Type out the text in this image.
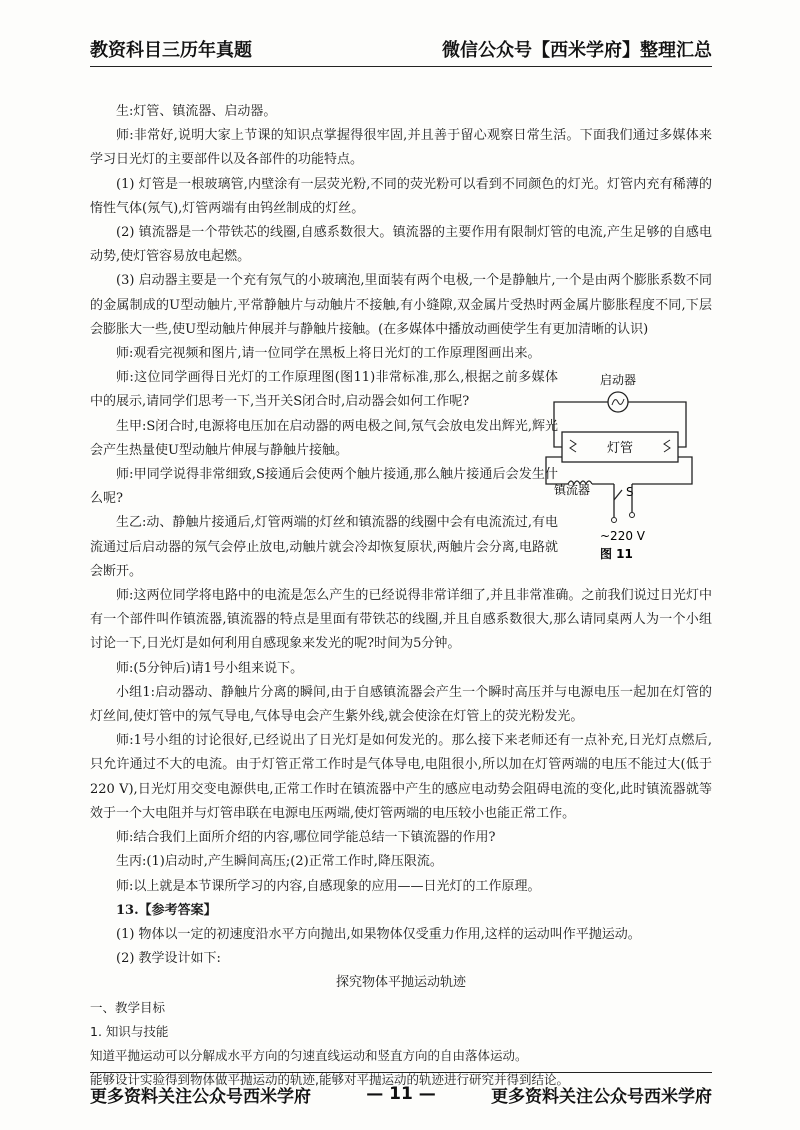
教资科目三历年真题	微信公众号【西米学府】整理汇总

生:灯管、镇流器、启动器。

师:非常好,说明大家上节课的知识点掌握得很牢固,并且善于留心观察日常生活。下面我们通过多媒体来学习日光灯的主要部件以及各部件的功能特点。

(1) 灯管是一根玻璃管,内壁涂有一层荧光粉,不同的荧光粉可以看到不同颜色的灯光。灯管内充有稀薄的惰性气体(氖气),灯管两端有由钨丝制成的灯丝。

(2) 镇流器是一个带铁芯的线圈,自感系数很大。镇流器的主要作用有限制灯管的电流,产生足够的自感电动势,使灯管容易放电起燃。

(3) 启动器主要是一个充有氖气的小玻璃泡,里面装有两个电极,一个是静触片,一个是由两个膨胀系数不同的金属制成的U型动触片,平常静触片与动触片不接触,有小缝隙,双金属片受热时两金属片膨胀程度不同,下层会膨胀大一些,使U型动触片伸展并与静触片接触。(在多媒体中播放动画使学生有更加清晰的认识)

师:观看完视频和图片,请一位同学在黑板上将日光灯的工作原理图画出来。

师:这位同学画得日光灯的工作原理图(图11)非常标准,那么,根据之前多媒体中的展示,请同学们思考一下,当开关S闭合时,启动器会如何工作呢?

生甲:S闭合时,电源将电压加在启动器的两电极之间,氖气会放电发出辉光,辉光会产生热量使U型动触片伸展与静触片接触。

师:甲同学说得非常细致,S接通后会使两个触片接通,那么触片接通后会发生什么呢?

生乙:动、静触片接通后,灯管两端的灯丝和镇流器的线圈中会有电流流过,有电流通过后启动器的氖气会停止放电,动触片就会冷却恢复原状,两触片会分离,电路就会断开。

师:这两位同学将电路中的电流是怎么产生的已经说得非常详细了,并且非常准确。之前我们说过日光灯中有一个部件叫作镇流器,镇流器的特点是里面有带铁芯的线圈,并且自感系数很大,那么请同桌两人为一个小组讨论一下,日光灯是如何利用自感现象来发光的呢?时间为5分钟。

师:(5分钟后)请1号小组来说下。

小组1:启动器动、静触片分离的瞬间,由于自感镇流器会产生一个瞬时高压并与电源电压一起加在灯管的灯丝间,使灯管中的氖气导电,气体导电会产生紫外线,就会使涂在灯管上的荧光粉发光。

师:1号小组的讨论很好,已经说出了日光灯是如何发光的。那么接下来老师还有一点补充,日光灯点燃后,只允许通过不大的电流。由于灯管正常工作时是气体导电,电阻很小,所以加在灯管两端的电压不能过大(低于220 V),日光灯用交变电源供电,正常工作时在镇流器中产生的感应电动势会阻碍电流的变化,此时镇流器就等效于一个大电阻并与灯管串联在电源电压两端,使灯管两端的电压较小也能正常工作。

师:结合我们上面所介绍的内容,哪位同学能总结一下镇流器的作用?

生丙:(1)启动时,产生瞬间高压;(2)正常工作时,降压限流。

师:以上就是本节课所学习的内容,自感现象的应用——日光灯的工作原理。

13.【参考答案】

(1) 物体以一定的初速度沿水平方向抛出,如果物体仅受重力作用,这样的运动叫作平抛运动。

(2) 教学设计如下:

探究物体平抛运动轨迹

一、教学目标

1. 知识与技能

知道平抛运动可以分解成水平方向的匀速直线运动和竖直方向的自由落体运动。

能够设计实验得到物体做平抛运动的轨迹,能够对平抛运动的轨迹进行研究并得到结论。

启动器
灯管
S
镇流器
~220 V
图 11
更多资料关注公众号西米学府	— 11 —	更多资料关注公众号西米学府
